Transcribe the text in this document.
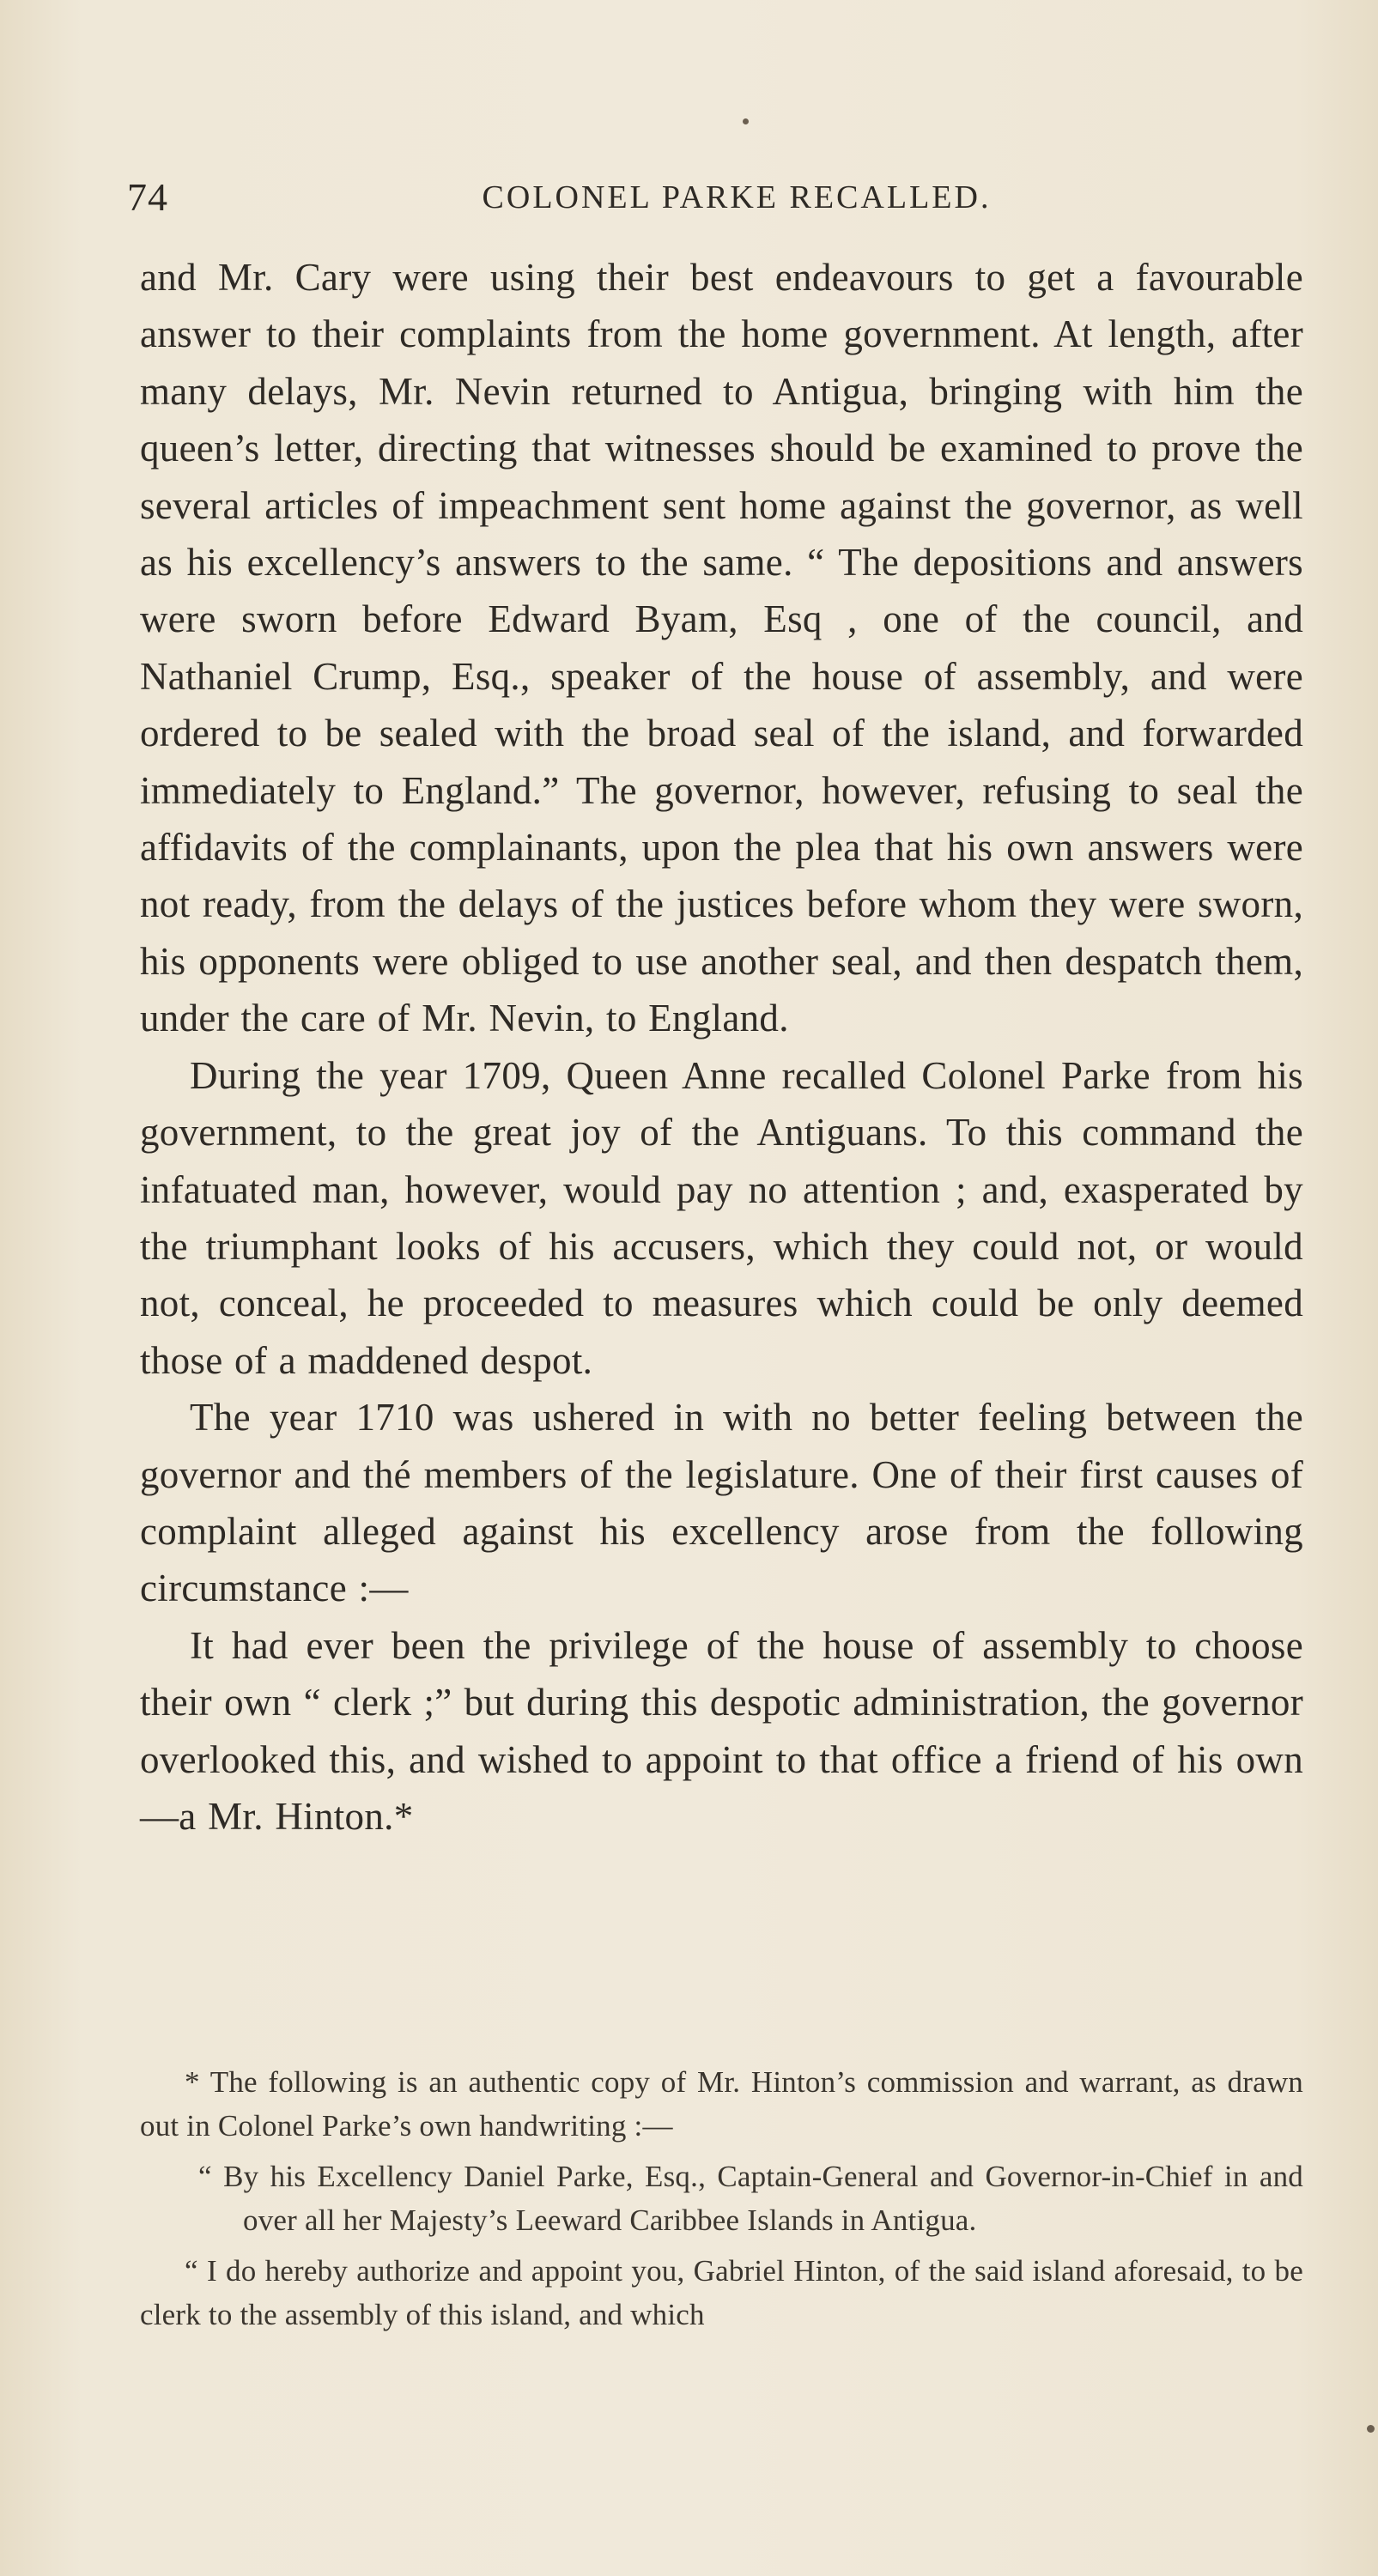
74	COLONEL PARKE RECALLED.

and Mr. Cary were using their best endeavours to get a favourable answer to their complaints from the home government. At length, after many delays, Mr. Nevin returned to Antigua, bringing with him the queen’s letter, directing that witnesses should be examined to prove the several articles of impeachment sent home against the governor, as well as his excellency’s answers to the same. “ The depositions and answers were sworn before Edward Byam, Esq , one of the council, and Nathaniel Crump, Esq., speaker of the house of assembly, and were ordered to be sealed with the broad seal of the island, and forwarded immediately to England.” The governor, however, refusing to seal the affidavits of the complainants, upon the plea that his own answers were not ready, from the delays of the justices before whom they were sworn, his opponents were obliged to use another seal, and then despatch them, under the care of Mr. Nevin, to England.

During the year 1709, Queen Anne recalled Colonel Parke from his government, to the great joy of the Antiguans. To this command the infatuated man, however, would pay no attention ; and, exasperated by the triumphant looks of his accusers, which they could not, or would not, conceal, he proceeded to measures which could be only deemed those of a maddened despot.

The year 1710 was ushered in with no better feeling between the governor and thé members of the legislature. One of their first causes of complaint alleged against his excellency arose from the following circumstance :—

It had ever been the privilege of the house of assembly to choose their own “ clerk ;” but during this despotic administration, the governor overlooked this, and wished to appoint to that office a friend of his own—a Mr. Hinton.*

* The following is an authentic copy of Mr. Hinton’s commission and warrant, as drawn out in Colonel Parke’s own handwriting :—

“ By his Excellency Daniel Parke, Esq., Captain-General and Governor-in-Chief in and over all her Majesty’s Leeward Caribbee Islands in Antigua.

“ I do hereby authorize and appoint you, Gabriel Hinton, of the said island aforesaid, to be clerk to the assembly of this island, and which
